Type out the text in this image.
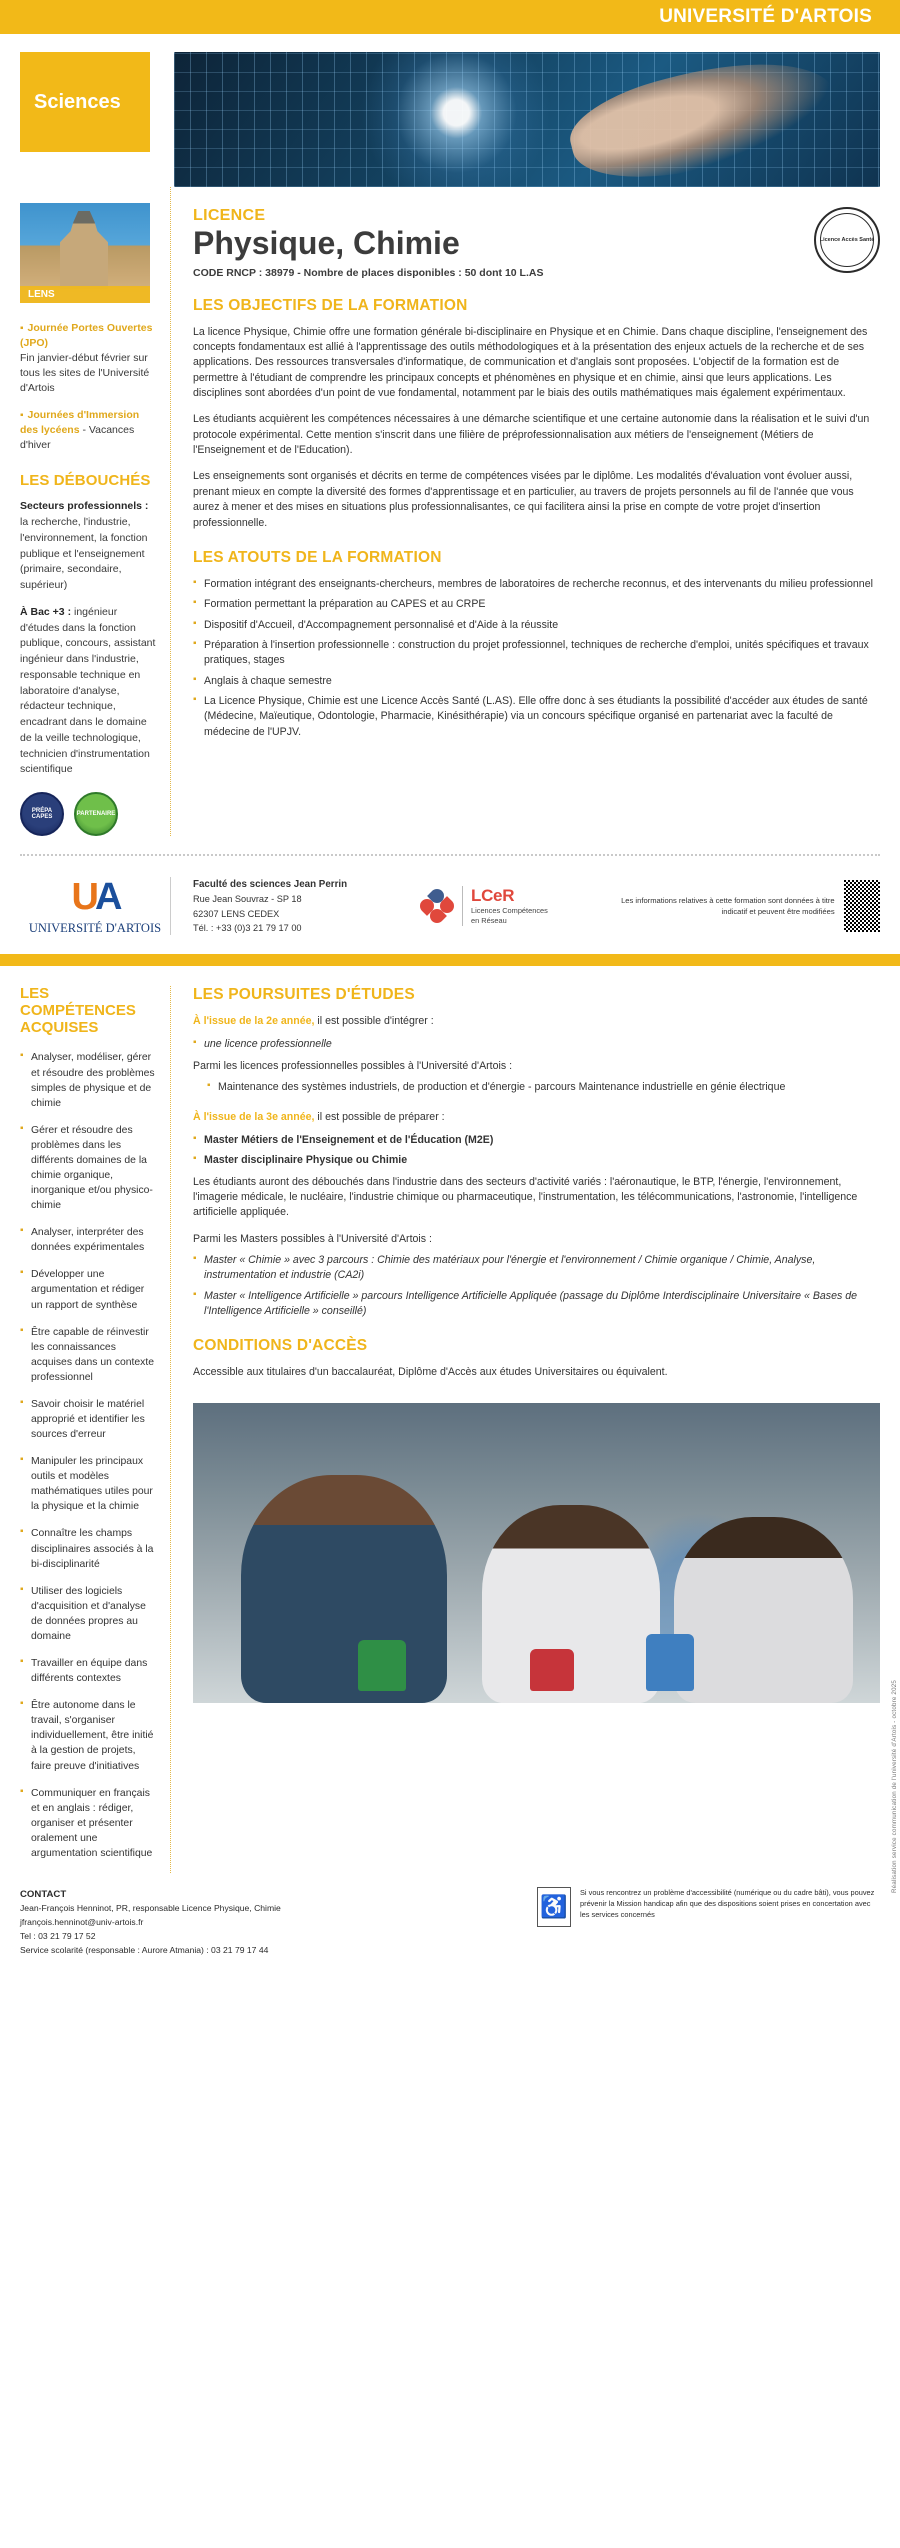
UNIVERSITÉ D'ARTOIS
Sciences
LENS
▪ Journée Portes Ouvertes (JPO)
Fin janvier-début février sur tous les sites de l'Université d'Artois
▪ Journées d'Immersion des lycéens - Vacances d'hiver
LES DÉBOUCHÉS

Secteurs professionnels :
la recherche, l'industrie, l'environnement, la fonction publique et l'enseignement (primaire, secondaire, supérieur)

À Bac +3 : ingénieur d'études dans la fonction publique, concours, assistant ingénieur dans l'industrie, responsable technique en laboratoire d'analyse, rédacteur technique, encadrant dans le domaine de la veille technologique, technicien d'instrumentation scientifique

PRÉPA CAPES
PARTENAIRE
LICENCE
Physique, Chimie
CODE RNCP : 38979 - Nombre de places disponibles : 50 dont 10 L.AS
Licence Accès Santé
LES OBJECTIFS DE LA FORMATION

La licence Physique, Chimie offre une formation générale bi-disciplinaire en Physique et en Chimie. Dans chaque discipline, l'enseignement des concepts fondamentaux est allié à l'apprentissage des outils méthodologiques et à la présentation des enjeux actuels de la recherche et de ses applications. Des ressources transversales d'informatique, de communication et d'anglais sont proposées. L'objectif de la formation est de permettre à l'étudiant de comprendre les principaux concepts et phénomènes en physique et en chimie, ainsi que leurs applications. Les disciplines sont abordées d'un point de vue fondamental, notamment par le biais des outils mathématiques mais également expérimentaux.

Les étudiants acquièrent les compétences nécessaires à une démarche scientifique et une certaine autonomie dans la réalisation et le suivi d'un protocole expérimental. Cette mention s'inscrit dans une filière de préprofessionnalisation aux métiers de l'enseignement (Métiers de l'Enseignement et de l'Education).

Les enseignements sont organisés et décrits en terme de compétences visées par le diplôme. Les modalités d'évaluation vont évoluer aussi, prenant mieux en compte la diversité des formes d'apprentissage et en particulier, au travers de projets personnels au fil de l'année que vous aurez à mener et des mises en situations plus professionnalisantes, ce qui facilitera ainsi la prise en compte de votre projet d'insertion professionnelle.

LES ATOUTS DE LA FORMATION
▪ Formation intégrant des enseignants-chercheurs, membres de laboratoires de recherche reconnus, et des intervenants du milieu professionnel
▪ Formation permettant la préparation au CAPES et au CRPE
▪ Dispositif d'Accueil, d'Accompagnement personnalisé et d'Aide à la réussite
▪ Préparation à l'insertion professionnelle : construction du projet professionnel, techniques de recherche d'emploi, unités spécifiques et travaux pratiques, stages
▪ Anglais à chaque semestre
▪ La Licence Physique, Chimie est une Licence Accès Santé (L.AS). Elle offre donc à ses étudiants la possibilité d'accéder aux études de santé (Médecine, Maïeutique, Odontologie, Pharmacie, Kinésithérapie) via un concours spécifique organisé en partenariat avec la faculté de médecine de l'UPJV.
UA
UNIVERSITÉ D'ARTOIS
Faculté des sciences Jean Perrin
Rue Jean Souvraz - SP 18
62307 LENS CEDEX
Tél. : +33 (0)3 21 79 17 00
LCeR
Licences Compétences
en Réseau
Les informations relatives à cette formation sont données à titre indicatif et peuvent être modifiées
LES COMPÉTENCES ACQUISES
▪ Analyser, modéliser, gérer et résoudre des problèmes simples de physique et de chimie
▪ Gérer et résoudre des problèmes dans les différents domaines de la chimie organique, inorganique et/ou physico-chimie
▪ Analyser, interpréter des données expérimentales
▪ Développer une argumentation et rédiger un rapport de synthèse
▪ Être capable de réinvestir les connaissances acquises dans un contexte professionnel
▪ Savoir choisir le matériel approprié et identifier les sources d'erreur
▪ Manipuler les principaux outils et modèles mathématiques utiles pour la physique et la chimie
▪ Connaître les champs disciplinaires associés à la bi-disciplinarité
▪ Utiliser des logiciels d'acquisition et d'analyse de données propres au domaine
▪ Travailler en équipe dans différents contextes
▪ Être autonome dans le travail, s'organiser individuellement, être initié à la gestion de projets, faire preuve d'initiatives
▪ Communiquer en français et en anglais : rédiger, organiser et présenter oralement une argumentation scientifique
LES POURSUITES D'ÉTUDES

À l'issue de la 2e année, il est possible d'intégrer :

▪ une licence professionnelle

Parmi les licences professionnelles possibles à l'Université d'Artois :

▪ Maintenance des systèmes industriels, de production et d'énergie - parcours Maintenance industrielle en génie électrique

À l'issue de la 3e année, il est possible de préparer :

▪ Master Métiers de l'Enseignement et de l'Éducation (M2E)
▪ Master disciplinaire Physique ou Chimie

Les étudiants auront des débouchés dans l'industrie dans des secteurs d'activité variés : l'aéronautique, le BTP, l'énergie, l'environnement, l'imagerie médicale, le nucléaire, l'industrie chimique ou pharmaceutique, l'instrumentation, les télécommunications, l'astronomie, l'intelligence artificielle appliquée.

Parmi les Masters possibles à l'Université d'Artois :

▪ Master « Chimie » avec 3 parcours : Chimie des matériaux pour l'énergie et l'environnement / Chimie organique / Chimie, Analyse, instrumentation et industrie (CA2i)
▪ Master « Intelligence Artificielle » parcours Intelligence Artificielle Appliquée (passage du Diplôme Interdisciplinaire Universitaire « Bases de l'Intelligence Artificielle » conseillé)
CONDITIONS D'ACCÈS

Accessible aux titulaires d'un baccalauréat, Diplôme d'Accès aux études Universitaires ou équivalent.

Réalisation service communication de l'université d'Artois - octobre 2025
CONTACT
Jean-François Henninot, PR, responsable Licence Physique, Chimie
jfrançois.henninot@univ-artois.fr
Tel : 03 21 79 17 52
Service scolarité (responsable : Aurore Atmania) : 03 21 79 17 44
♿
Si vous rencontrez un problème d'accessibilité (numérique ou du cadre bâti), vous pouvez prévenir la Mission handicap afin que des dispositions soient prises en concertation avec les services concernés
